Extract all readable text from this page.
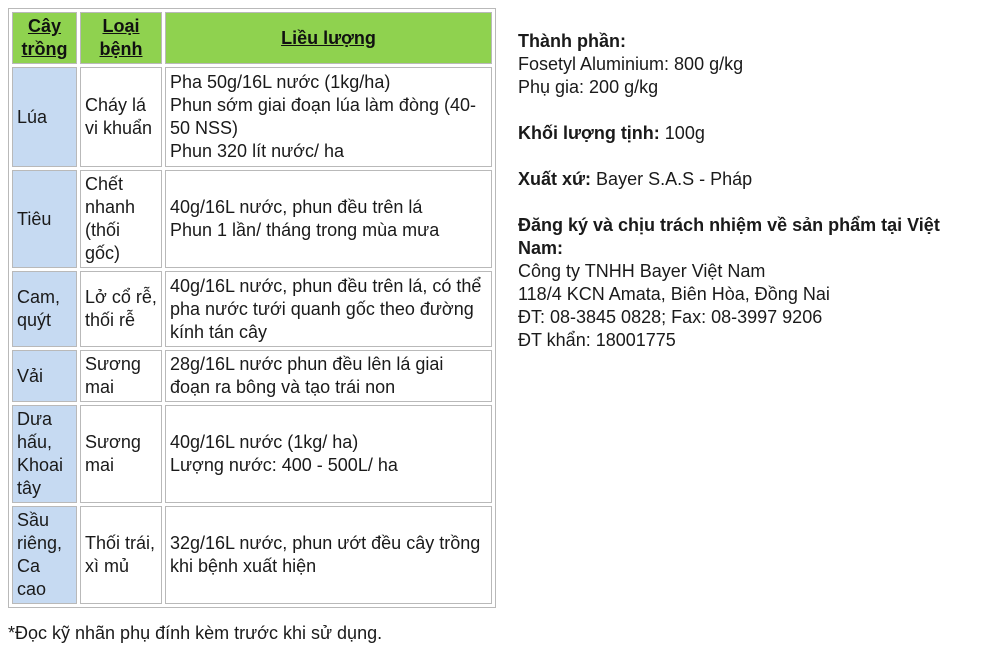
Cây trồng	Loại bệnh	Liều lượng
Lúa	Cháy lá vi khuẩn	Pha 50g/16L nước (1kg/ha)
Phun sớm giai đoạn lúa làm đòng (40-50 NSS)
Phun 320 lít nước/ ha

Tiêu	Chết nhanh (thối gốc)	40g/16L nước, phun đều trên lá
Phun 1 lần/ tháng trong mùa mưa

Cam, quýt	Lở cổ rễ, thối rễ	40g/16L nước, phun đều trên lá, có thể pha nước tưới quanh gốc theo đường kính tán cây

Vải	Sương mai	28g/16L nước phun đều lên lá giai đoạn ra bông và tạo trái non

Dưa hấu, Khoai tây	Sương mai	40g/16L nước (1kg/ ha)
Lượng nước: 400 - 500L/ ha

Sầu riêng, Ca cao	Thối trái, xì mủ	32g/16L nước, phun ướt đều cây trồng khi bệnh xuất hiện
*Đọc kỹ nhãn phụ đính kèm trước khi sử dụng.
Thành phần:
Fosetyl Aluminium: 800 g/kg
Phụ gia: 200 g/kg
Khối lượng tịnh: 100g
Xuất xứ: Bayer S.A.S - Pháp
Đăng ký và chịu trách nhiệm về sản phẩm tại Việt Nam:
Công ty TNHH Bayer Việt Nam
118/4 KCN Amata, Biên Hòa, Đồng Nai
ĐT: 08-3845 0828; Fax: 08-3997 9206
ĐT khẩn: 18001775
